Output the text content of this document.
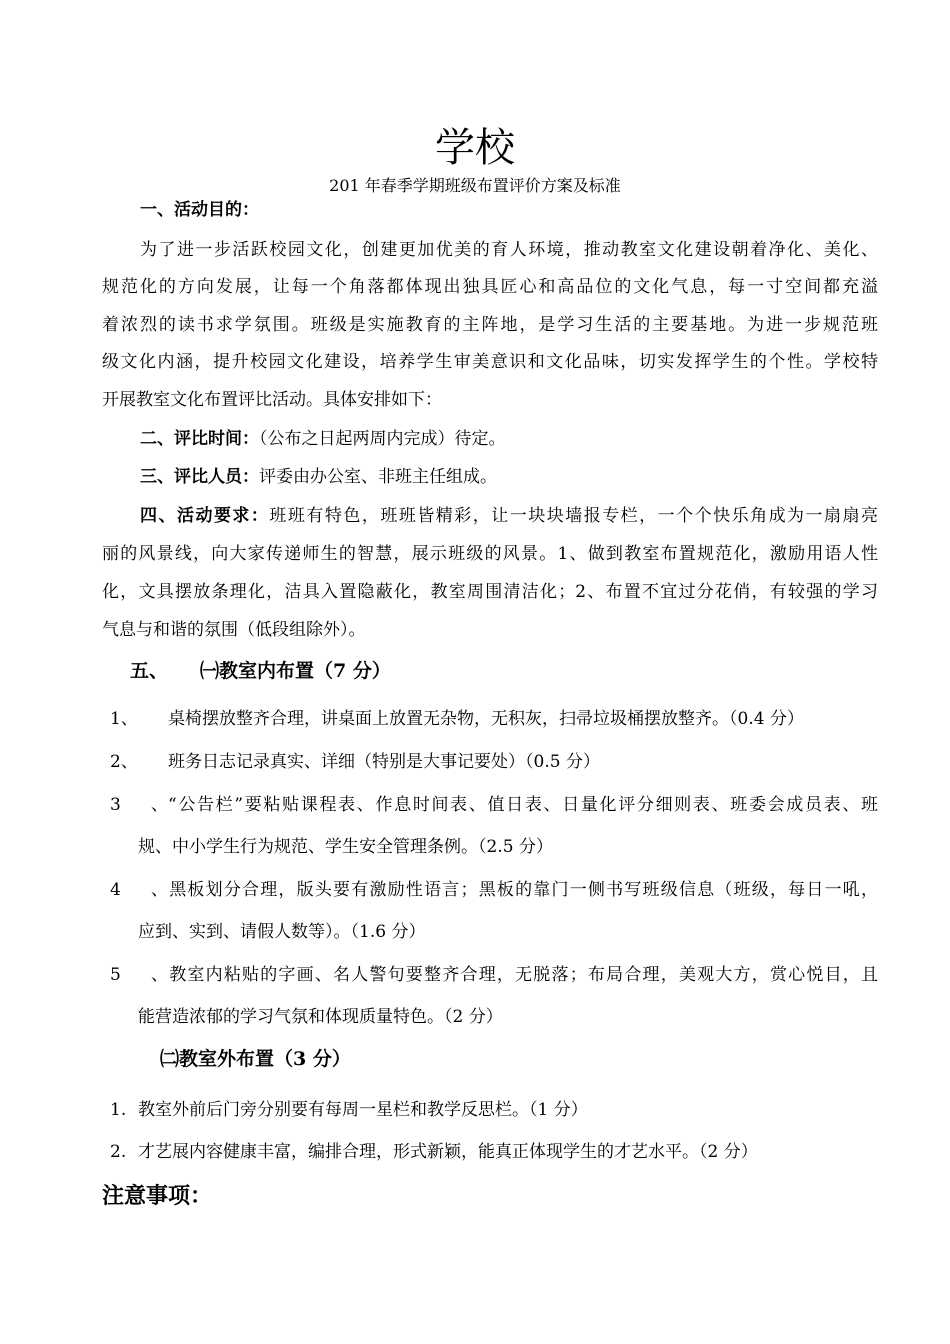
学校
201 年春季学期班级布置评价方案及标准
一、活动目的：
为了进一步活跃校园文化，创建更加优美的育人环境，推动教室文化建设朝着净化、美化、
规范化的方向发展，让每一个角落都体现出独具匠心和高品位的文化气息，每一寸空间都充溢
着浓烈的读书求学氛围。班级是实施教育的主阵地，是学习生活的主要基地。为进一步规范班
级文化内涵，提升校园文化建设，培养学生审美意识和文化品味，切实发挥学生的个性。学校特
开展教室文化布置评比活动。具体安排如下：
二、评比时间：（公布之日起两周内完成）待定。
三、评比人员：评委由办公室、非班主任组成。
四、活动要求：班班有特色，班班皆精彩，让一块块墙报专栏，一个个快乐角成为一扇扇亮
丽的风景线，向大家传递师生的智慧，展示班级的风景。1、做到教室布置规范化，激励用语人性
化，文具摆放条理化，洁具入置隐蔽化，教室周围清洁化；2、布置不宜过分花俏，有较强的学习
气息与和谐的氛围（低段组除外）。
五、 ㈠教室内布置（7 分）
1、 桌椅摆放整齐合理，讲桌面上放置无杂物，无积灰，扫帚垃圾桶摆放整齐。（0.4 分）
2、 班务日志记录真实、详细（特别是大事记要处）（0.5 分）
3、“公告栏”要粘贴课程表、作息时间表、值日表、日量化评分细则表、班委会成员表、班
规、中小学生行为规范、学生安全管理条例。（2.5 分）
4、黑板划分合理，版头要有激励性语言；黑板的靠门一侧书写班级信息（班级，每日一吼，
应到、实到、请假人数等）。（1.6 分）
5、教室内粘贴的字画、名人警句要整齐合理，无脱落；布局合理，美观大方，赏心悦目，且
能营造浓郁的学习气氛和体现质量特色。（2 分）
㈡教室外布置（3 分）
1. 教室外前后门旁分别要有每周一星栏和教学反思栏。（1 分）
2. 才艺展内容健康丰富，编排合理，形式新颖，能真正体现学生的才艺水平。（2 分）
注意事项：
